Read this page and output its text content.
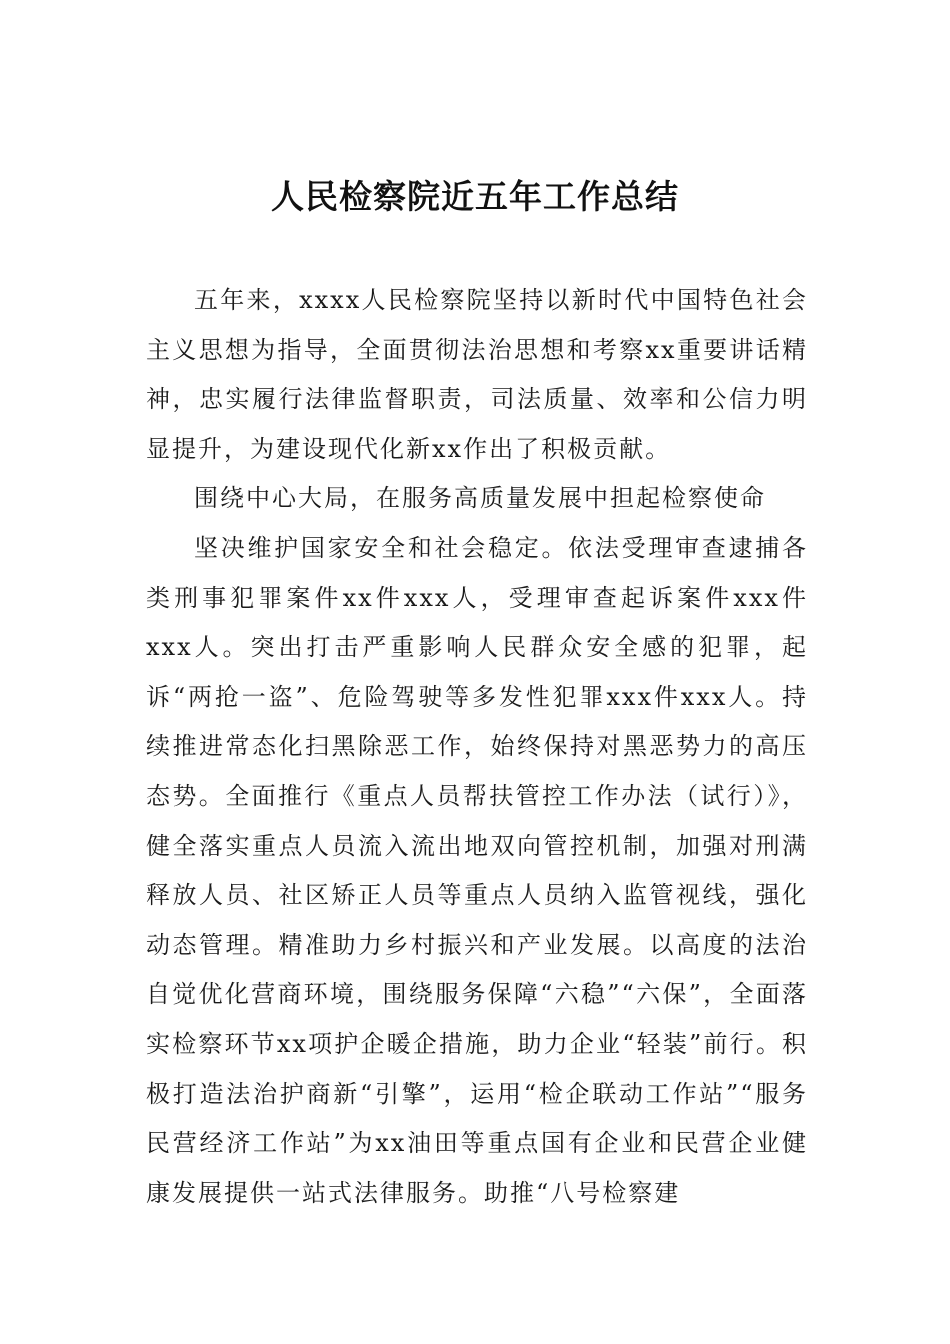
人民检察院近五年工作总结

五年来，xxxx人民检察院坚持以新时代中国特色社会主义思想为指导，全面贯彻法治思想和考察xx重要讲话精神，忠实履行法律监督职责，司法质量、效率和公信力明显提升，为建设现代化新xx作出了积极贡献。

围绕中心大局，在服务高质量发展中担起检察使命

坚决维护国家安全和社会稳定。依法受理审查逮捕各类刑事犯罪案件xx件xxx人，受理审查起诉案件xxx件xxx人。突出打击严重影响人民群众安全感的犯罪，起诉“两抢一盗”、危险驾驶等多发性犯罪xxx件xxx人。持续推进常态化扫黑除恶工作，始终保持对黑恶势力的高压态势。全面推行《重点人员帮扶管控工作办法（试行）》，健全落实重点人员流入流出地双向管控机制，加强对刑满释放人员、社区矫正人员等重点人员纳入监管视线，强化动态管理。精准助力乡村振兴和产业发展。以高度的法治自觉优化营商环境，围绕服务保障“六稳”“六保”，全面落实检察环节xx项护企暖企措施，助力企业“轻装”前行。积极打造法治护商新“引擎”，运用“检企联动工作站”“服务民营经济工作站”为xx油田等重点国有企业和民营企业健康发展提供一站式法律服务。助推“八号检察建
